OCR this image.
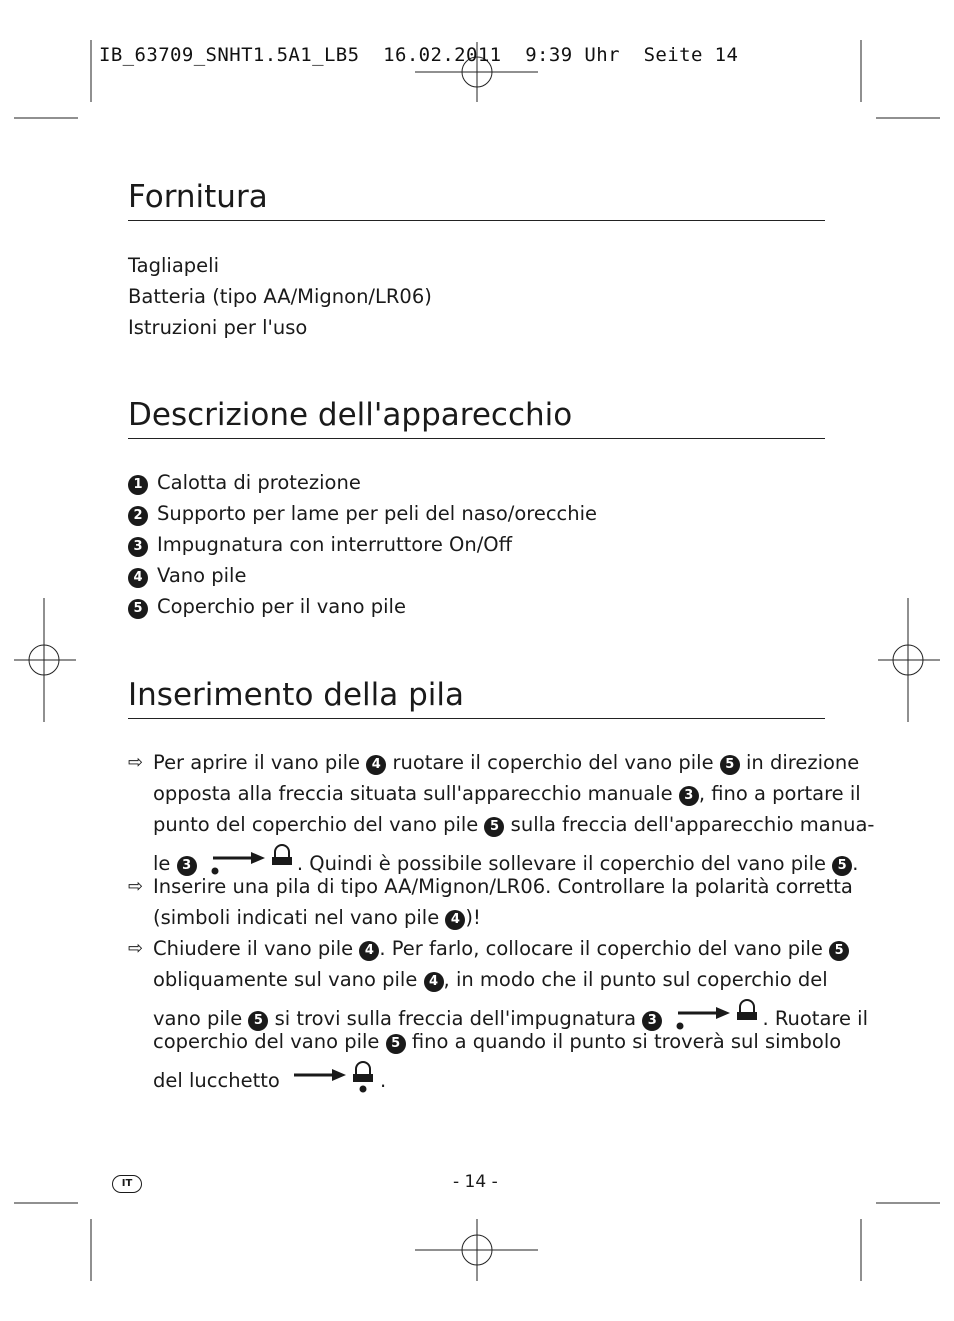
IB_63709_SNHT1.5A1_LB5  16.02.2011  9:39 Uhr  Seite 14
Fornitura
Tagliapeli
Batteria (tipo AA/Mignon/LR06)
Istruzioni per l'uso
Descrizione dell'apparecchio
1 Calotta di protezione
2 Supporto per lame per peli del naso/orecchie
3 Impugnatura con interruttore On/Off
4 Vano pile
5 Coperchio per il vano pile
Inserimento della pila
⇨ Per aprire il vano pile 4 ruotare il coperchio del vano pile 5 in direzione
opposta alla freccia situata sull'apparecchio manuale 3 , fino a portare il
punto del coperchio del vano pile 5 sulla freccia dell'apparecchio manua-
le 3	. Quindi è possibile sollevare il coperchio del vano pile 5 .
⇨ Inserire una pila di tipo AA/Mignon/LR06. Controllare la polarità corretta
(simboli indicati nel vano pile 4 )!
⇨ Chiudere il vano pile 4 . Per farlo, collocare il coperchio del vano pile 5
obliquamente sul vano pile 4 , in modo che il punto sul coperchio del
vano pile 5 si trovi sulla freccia dell'impugnatura 3	. Ruotare il
coperchio del vano pile 5 fino a quando il punto si troverà sul simbolo
del lucchetto	.
IT	- 14 -
